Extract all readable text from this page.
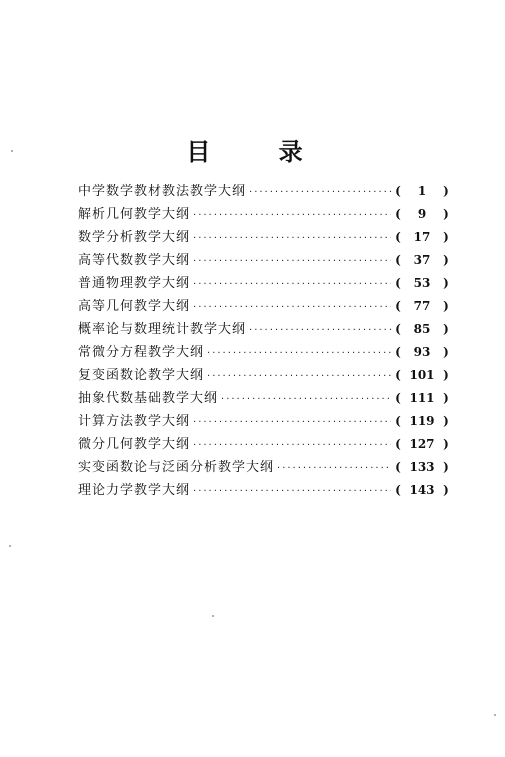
目 录
中学数学教材教法教学大纲 ·····	(	1	)
解析几何教学大纲 ·····	(	9	)
数学分析教学大纲 ·····	(	17	)
高等代数教学大纲 ·····	(	37	)
普通物理教学大纲 ·····	(	53	)
高等几何教学大纲 ·····	(	77	)
概率论与数理统计教学大纲 ·····	(	85	)
常微分方程教学大纲 ·····	(	93	)
复变函数论教学大纲 ·····	( 101 )
抽象代数基础教学大纲 ·····	( 111 )
计算方法教学大纲 ·····	( 119 )
微分几何教学大纲 ·····	( 127 )
实变函数论与泛函分析教学大纲 ·····	( 133 )
理论力学教学大纲 ·····	( 143 )
